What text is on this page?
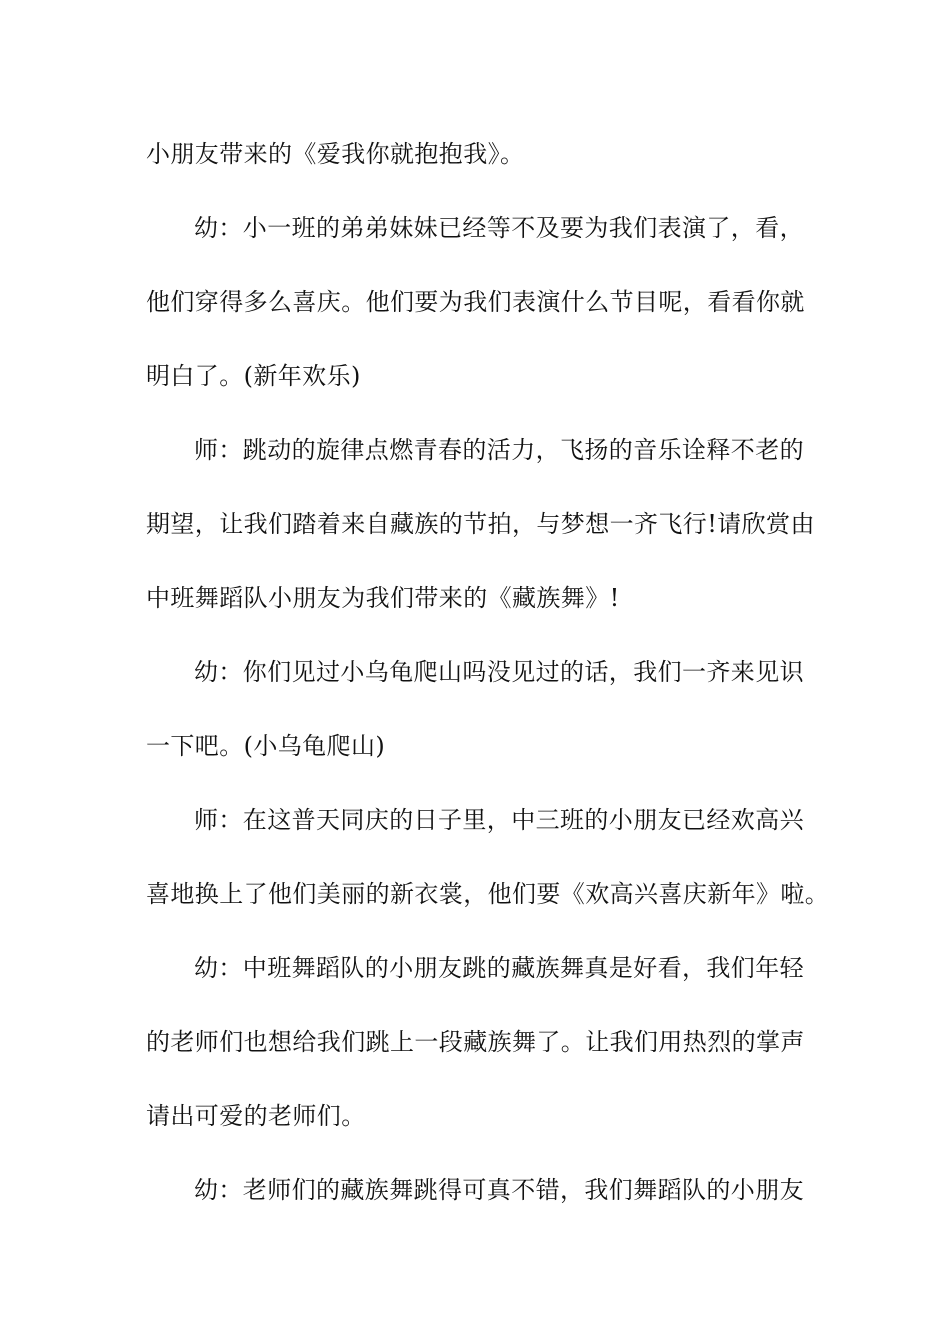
小朋友带来的《爱我你就抱抱我》。
幼：小一班的弟弟妹妹已经等不及要为我们表演了，看，
他们穿得多么喜庆。他们要为我们表演什么节目呢，看看你就
明白了。(新年欢乐)
师：跳动的旋律点燃青春的活力，飞扬的音乐诠释不老的
期望，让我们踏着来自藏族的节拍，与梦想一齐飞行!请欣赏由
中班舞蹈队小朋友为我们带来的《藏族舞》!
幼：你们见过小乌龟爬山吗没见过的话，我们一齐来见识
一下吧。(小乌龟爬山)
师：在这普天同庆的日子里，中三班的小朋友已经欢高兴
喜地换上了他们美丽的新衣裳，他们要《欢高兴喜庆新年》啦。
幼：中班舞蹈队的小朋友跳的藏族舞真是好看，我们年轻
的老师们也想给我们跳上一段藏族舞了。让我们用热烈的掌声
请出可爱的老师们。
幼：老师们的藏族舞跳得可真不错，我们舞蹈队的小朋友
